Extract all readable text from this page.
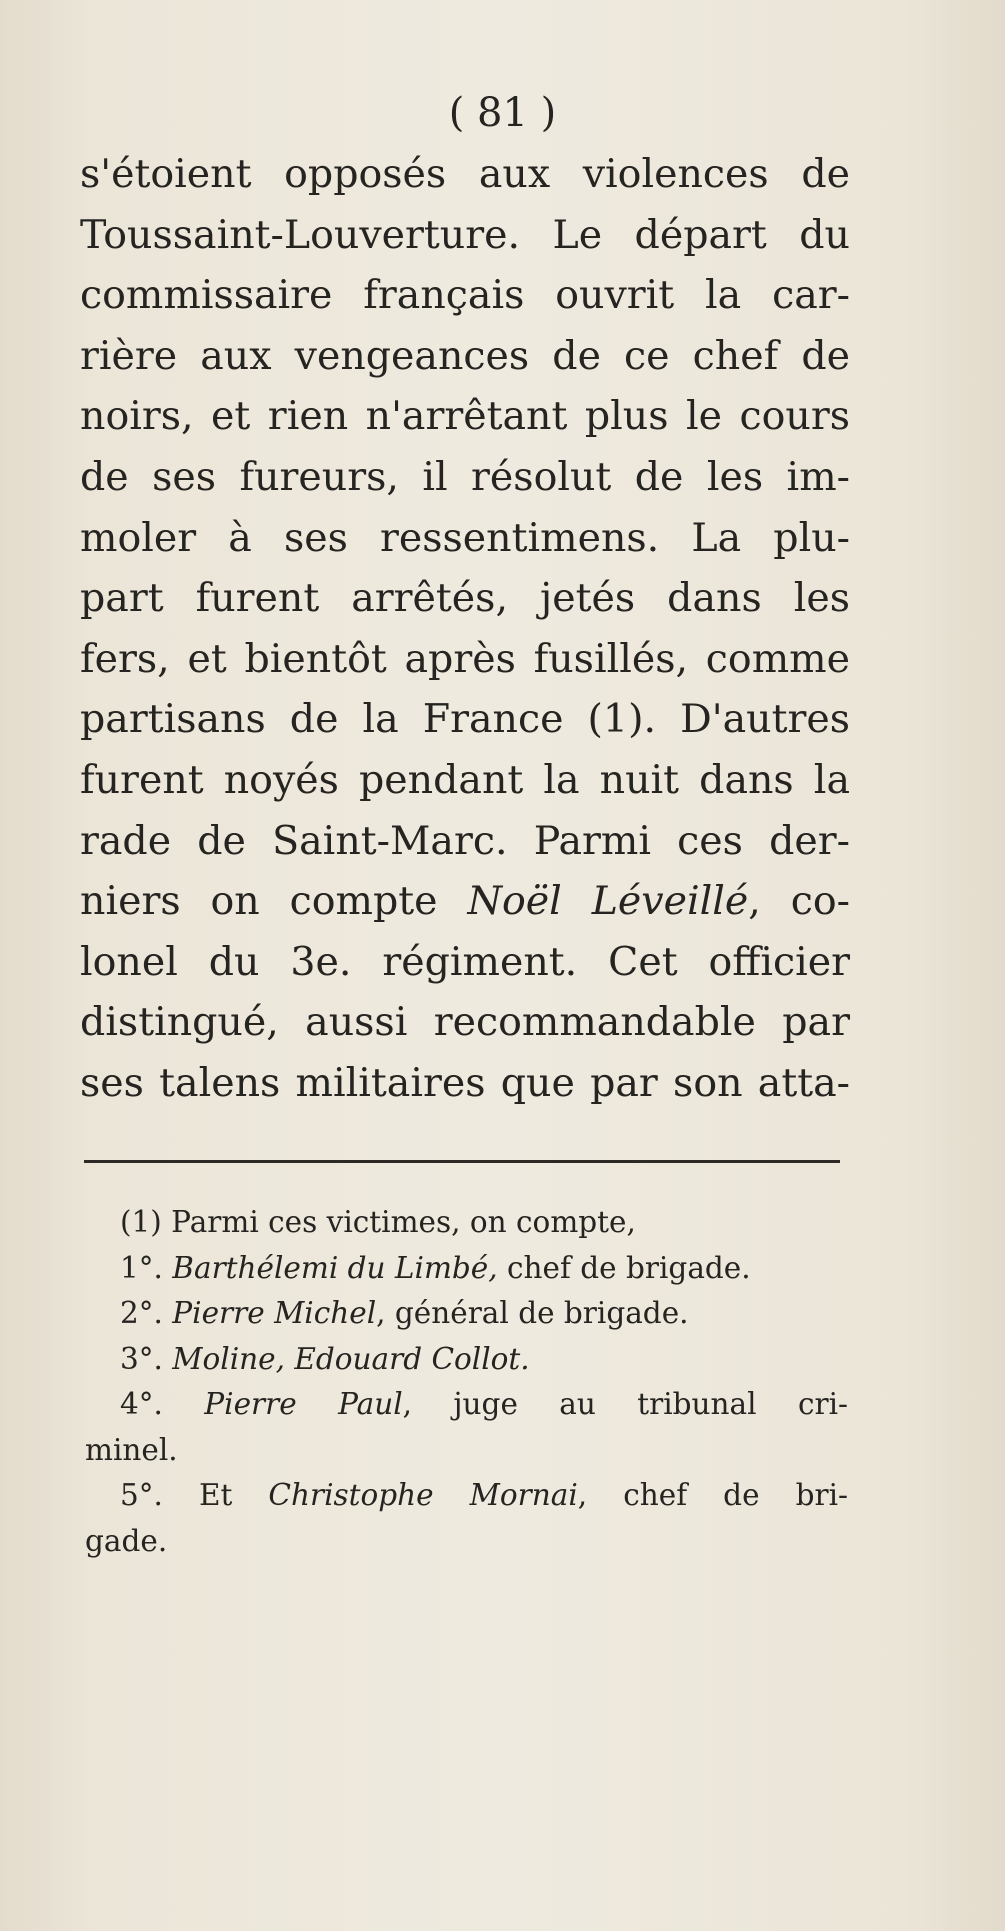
( 81 )
s'étoient opposés aux violences de
Toussaint-Louverture. Le départ du
commissaire français ouvrit la car-
rière aux vengeances de ce chef de
noirs, et rien n'arrêtant plus le cours
de ses fureurs, il résolut de les im-
moler à ses ressentimens. La plu-
part furent arrêtés, jetés dans les
fers, et bientôt après fusillés, comme
partisans de la France (1). D'autres
furent noyés pendant la nuit dans la
rade de Saint-Marc. Parmi ces der-
niers on compte Noël Léveillé, co-
lonel du 3e. régiment. Cet officier
distingué, aussi recommandable par
ses talens militaires que par son atta-
(1) Parmi ces victimes, on compte,
1°. Barthélemi du Limbé, chef de brigade.
2°. Pierre Michel, général de brigade.
3°. Moline, Edouard Collot.
4°. Pierre Paul, juge au tribunal cri-
minel.
5°. Et Christophe Mornai, chef de bri-
gade.
